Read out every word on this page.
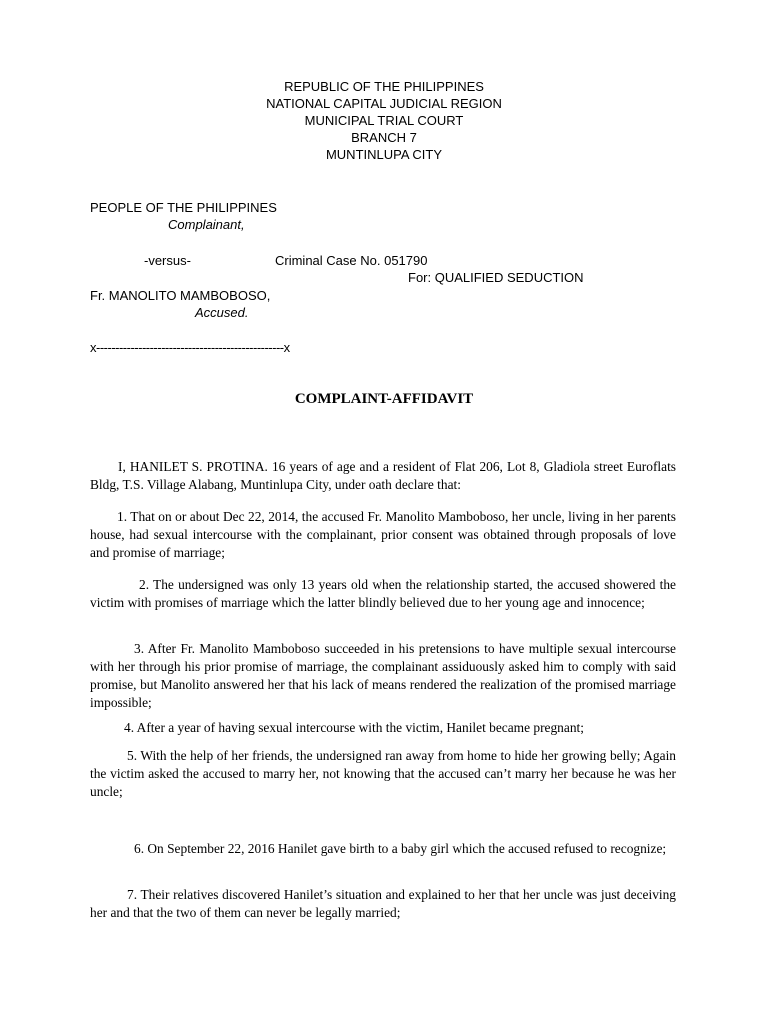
REPUBLIC OF THE PHILIPPINES
NATIONAL CAPITAL JUDICIAL REGION
MUNICIPAL TRIAL COURT
BRANCH 7
MUNTINLUPA CITY
PEOPLE OF THE PHILIPPINES
Complainant,
-versus-	Criminal Case No. 051790
For: QUALIFIED SEDUCTION
Fr. MANOLITO MAMBOBOSO,
Accused.
x-------------------------------------------------x
COMPLAINT-AFFIDAVIT
I, HANILET S. PROTINA. 16 years of age and a resident of Flat 206, Lot 8, Gladiola street Euroflats Bldg, T.S. Village Alabang, Muntinlupa City, under oath declare that:
1. That on or about Dec 22, 2014, the accused Fr. Manolito Mamboboso, her uncle, living in her parents house, had sexual intercourse with the complainant, prior consent was obtained through proposals of love and promise of marriage;
2. The undersigned was only 13 years old when the relationship started, the accused showered the victim with promises of marriage which the latter blindly believed due to her young age and innocence;
3. After Fr. Manolito Mamboboso succeeded in his pretensions to have multiple sexual intercourse with her through his prior promise of marriage, the complainant assiduously asked him to comply with said promise, but Manolito answered her that his lack of means rendered the realization of the promised marriage impossible;
4. After a year of having sexual intercourse with the victim, Hanilet became pregnant;
5. With the help of her friends, the undersigned ran away from home to hide her growing belly; Again the victim asked the accused to marry her, not knowing that the accused can’t marry her because he was her uncle;
6. On September 22, 2016 Hanilet gave birth to a baby girl which the accused refused to recognize;
7. Their relatives discovered Hanilet’s situation and explained to her that her uncle was just deceiving her and that the two of them can never be legally married;
